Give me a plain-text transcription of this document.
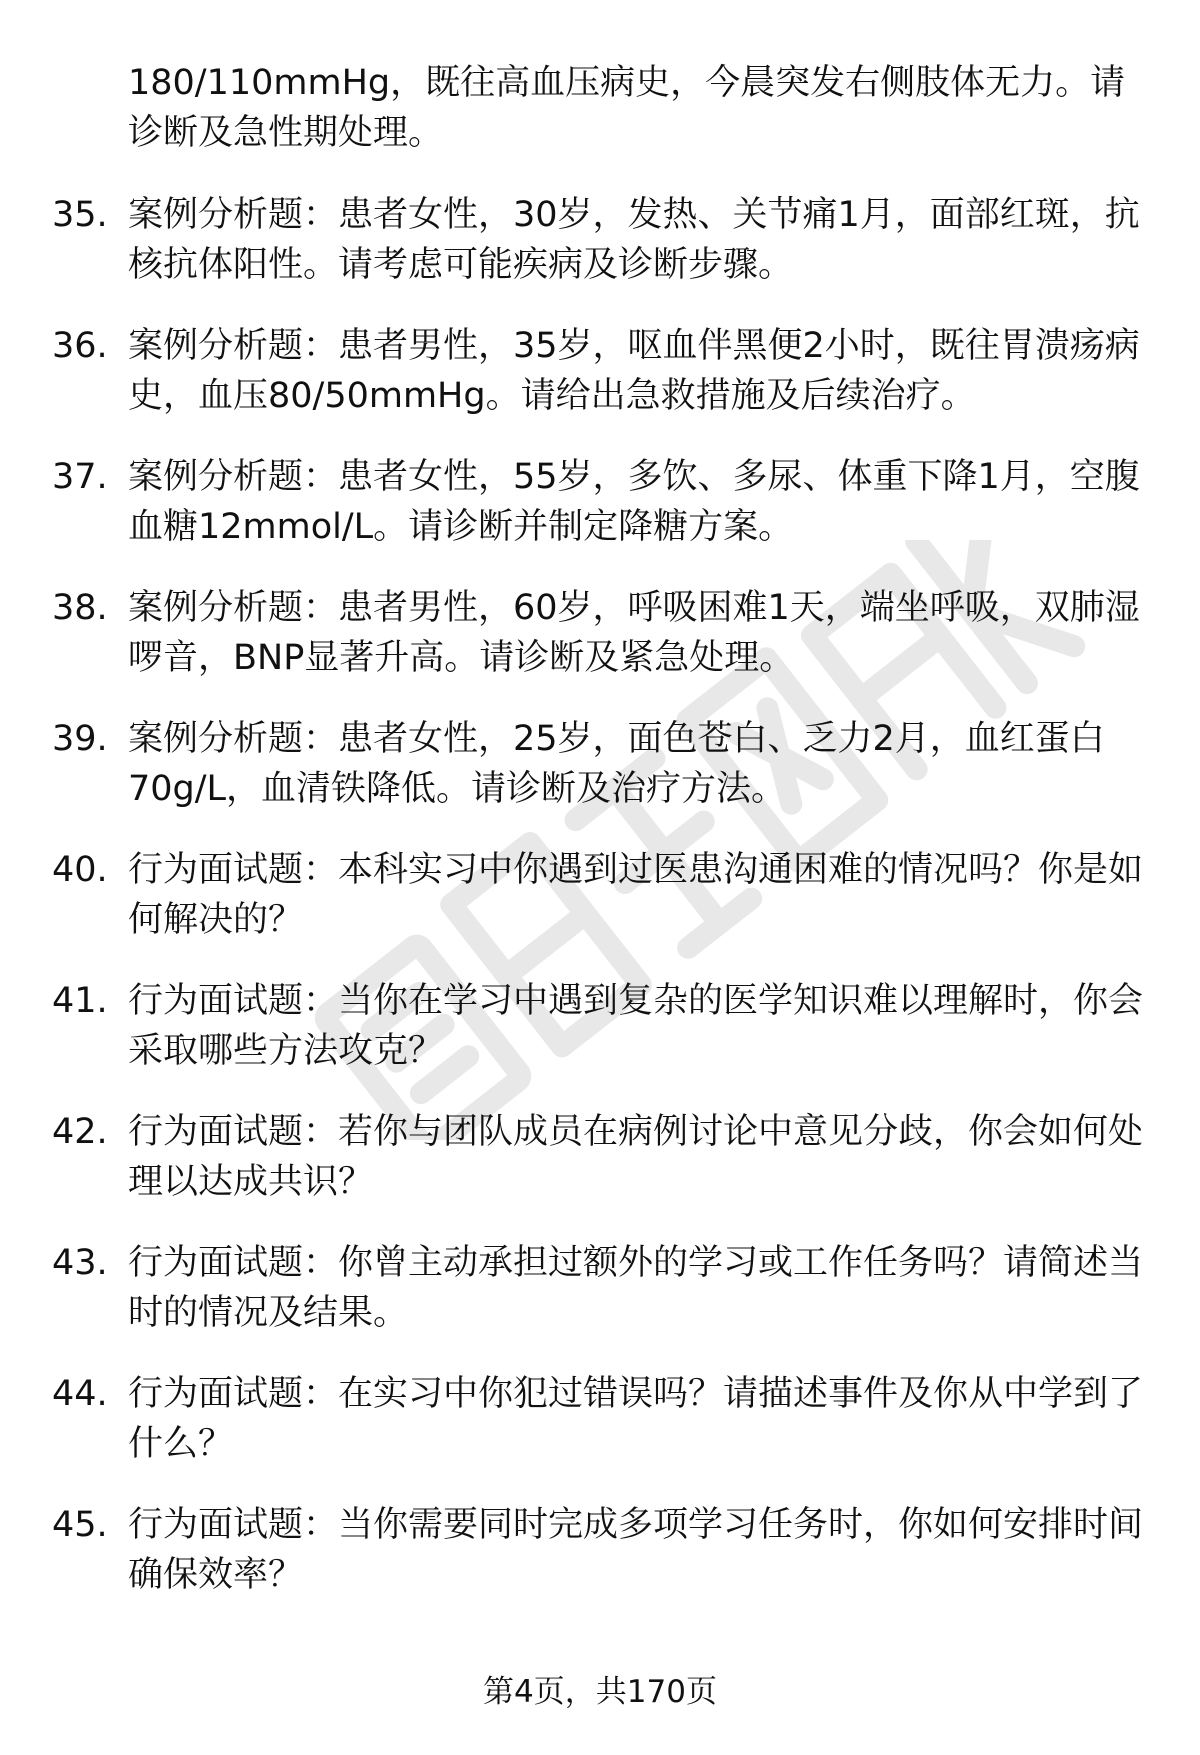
180/110mmHg，既往高血压病史，今晨突发右侧肢体无力。请诊断及急性期处理。
35. 案例分析题：患者女性，30岁，发热、关节痛1月，面部红斑，抗核抗体阳性。请考虑可能疾病及诊断步骤。
36. 案例分析题：患者男性，35岁，呕血伴黑便2小时，既往胃溃疡病史，血压80/50mmHg。请给出急救措施及后续治疗。
37. 案例分析题：患者女性，55岁，多饮、多尿、体重下降1月，空腹血糖12mmol/L。请诊断并制定降糖方案。
38. 案例分析题：患者男性，60岁，呼吸困难1天，端坐呼吸，双肺湿啰音，BNP显著升高。请诊断及紧急处理。
39. 案例分析题：患者女性，25岁，面色苍白、乏力2月，血红蛋白70g/L，血清铁降低。请诊断及治疗方法。
40. 行为面试题：本科实习中你遇到过医患沟通困难的情况吗？你是如何解决的？
41. 行为面试题：当你在学习中遇到复杂的医学知识难以理解时，你会采取哪些方法攻克？
42. 行为面试题：若你与团队成员在病例讨论中意见分歧，你会如何处理以达成共识？
43. 行为面试题：你曾主动承担过额外的学习或工作任务吗？请简述当时的情况及结果。
44. 行为面试题：在实习中你犯过错误吗？请描述事件及你从中学到了什么？
45. 行为面试题：当你需要同时完成多项学习任务时，你如何安排时间确保效率？
第4页，共170页
